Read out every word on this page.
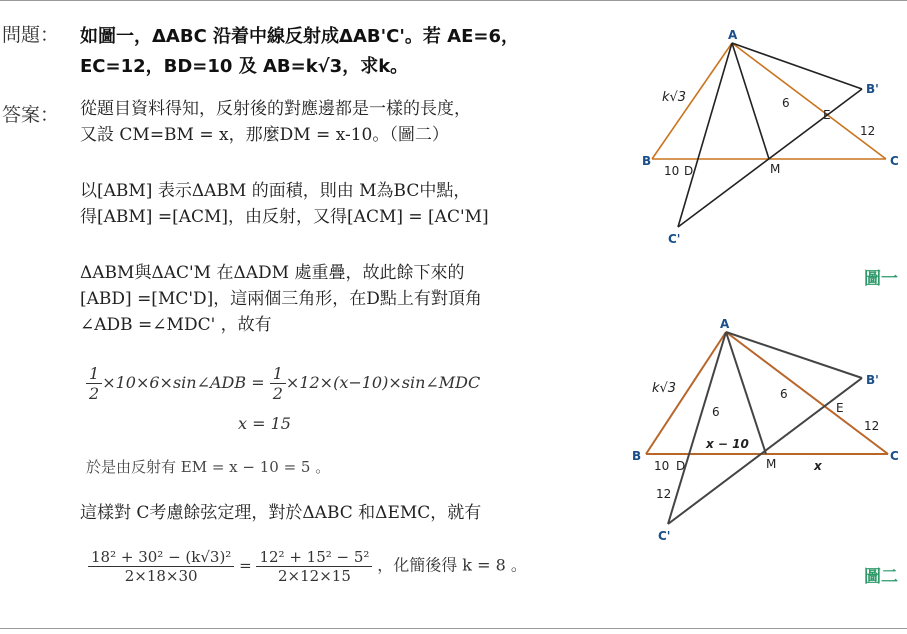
問題： 如圖一，ΔABC 沿着中線反射成ΔAB'C'。若 AE=6，
EC=12，BD=10 及 AB=k√3，求k。
答案： 從題目資料得知，反射後的對應邊都是一樣的長度，
又設 CM=BM = x，那麼DM = x-10。（圖二）
以[ABM] 表示ΔABM 的面積，則由 M為BC中點，
得[ABM] =[ACM]，由反射，又得[ACM] = [AC'M]
ΔABM與ΔAC'M 在ΔADM 處重疊，故此餘下來的
[ABD] =[MC'D]，這兩個三角形，在D點上有對頂角
∠ADB =∠MDC' ，故有
$\frac{1}{2}$ ×10×6×sin∠ADB = $\frac{1}{2}$ ×12×(x−10)×sin∠MDC
x = 15
於是由反射有 EM = x − 10 = 5 。
這樣對 C考慮餘弦定理，對於ΔABC 和ΔEMC，就有
$\frac{\text{18² + 30² − (k√3)²}}{2\times 18\times 30} = \frac{\text{12² + 15² − 5²}}{2\times 12\times 15}$ ，化簡後得 k = 8 。
A
B	C
B'
C'
D
E
M
k√3	6
12
10
圖一
A
B	C
B'
C'
D
E
M
k√3
6
6
12
10
x − 10
x
12
圖二
